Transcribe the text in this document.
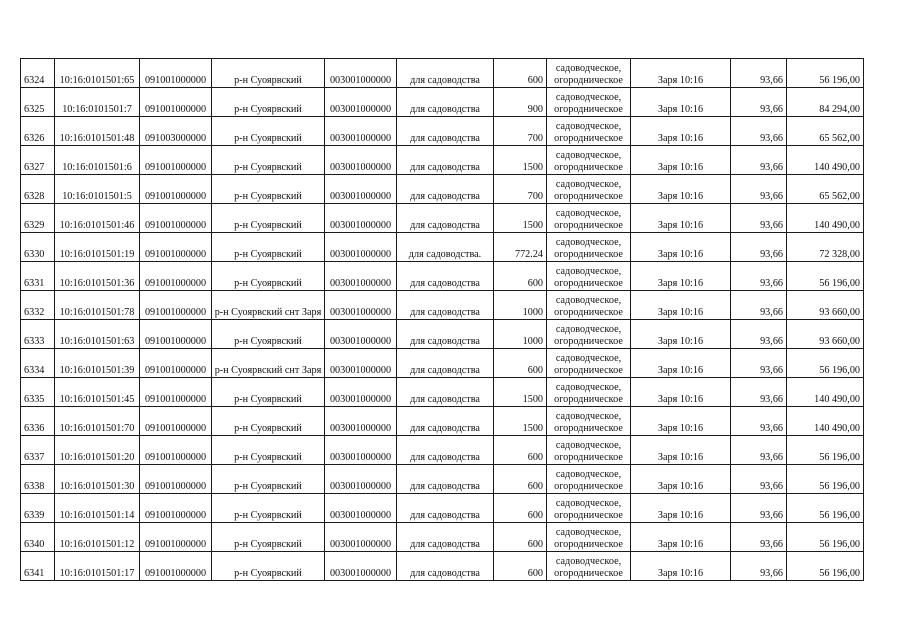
6324	10:16:0101501:65	091001000000	р-н Суоярвский	003001000000	для садоводства	600	садоводческое, огородническое	Заря 10:16	93,66	56 196,00
6325	10:16:0101501:7	091001000000	р-н Суоярвский	003001000000	для садоводства	900	садоводческое, огородническое	Заря 10:16	93,66	84 294,00
6326	10:16:0101501:48	091003000000	р-н Суоярвский	003001000000	для садоводства	700	садоводческое, огородническое	Заря 10:16	93,66	65 562,00
6327	10:16:0101501:6	091001000000	р-н Суоярвский	003001000000	для садоводства	1500	садоводческое, огородническое	Заря 10:16	93,66	140 490,00
6328	10:16:0101501:5	091001000000	р-н Суоярвский	003001000000	для садоводства	700	садоводческое, огородническое	Заря 10:16	93,66	65 562,00
6329	10:16:0101501:46	091001000000	р-н Суоярвский	003001000000	для садоводства	1500	садоводческое, огородническое	Заря 10:16	93,66	140 490,00
6330	10:16:0101501:19	091001000000	р-н Суоярвский	003001000000	для садоводства.	772.24	садоводческое, огородническое	Заря 10:16	93,66	72 328,00
6331	10:16:0101501:36	091001000000	р-н Суоярвский	003001000000	для садоводства	600	садоводческое, огородническое	Заря 10:16	93,66	56 196,00
6332	10:16:0101501:78	091001000000	р-н Суоярвский снт Заря	003001000000	для садоводства	1000	садоводческое, огородническое	Заря 10:16	93,66	93 660,00
6333	10:16:0101501:63	091001000000	р-н Суоярвский	003001000000	для садоводства	1000	садоводческое, огородническое	Заря 10:16	93,66	93 660,00
6334	10:16:0101501:39	091001000000	р-н Суоярвский снт Заря	003001000000	для садоводства	600	садоводческое, огородническое	Заря 10:16	93,66	56 196,00
6335	10:16:0101501:45	091001000000	р-н Суоярвский	003001000000	для садоводства	1500	садоводческое, огородническое	Заря 10:16	93,66	140 490,00
6336	10:16:0101501:70	091001000000	р-н Суоярвский	003001000000	для садоводства	1500	садоводческое, огородническое	Заря 10:16	93,66	140 490,00
6337	10:16:0101501:20	091001000000	р-н Суоярвский	003001000000	для садоводства	600	садоводческое, огородническое	Заря 10:16	93,66	56 196,00
6338	10:16:0101501:30	091001000000	р-н Суоярвский	003001000000	для садоводства	600	садоводческое, огородническое	Заря 10:16	93,66	56 196,00
6339	10:16:0101501:14	091001000000	р-н Суоярвский	003001000000	для садоводства	600	садоводческое, огородническое	Заря 10:16	93,66	56 196,00
6340	10:16:0101501:12	091001000000	р-н Суоярвский	003001000000	для садоводства	600	садоводческое, огородническое	Заря 10:16	93,66	56 196,00
6341	10:16:0101501:17	091001000000	р-н Суоярвский	003001000000	для садоводства	600	садоводческое, огородническое	Заря 10:16	93,66	56 196,00
